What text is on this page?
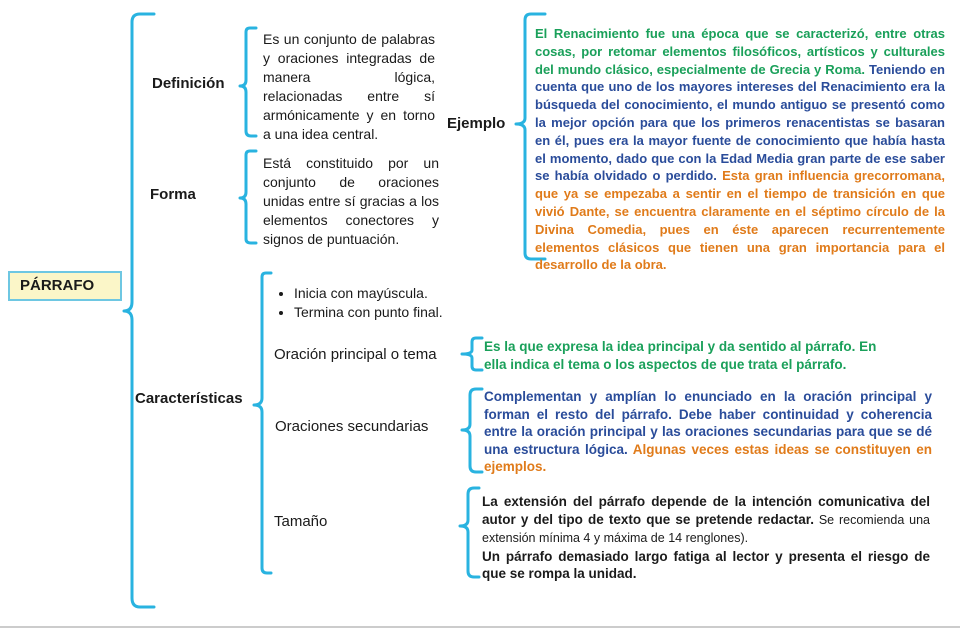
PÁRRAFO
Definición
Es un conjunto de palabras y oraciones integradas de manera lógica, relacionadas entre sí armónicamente y en torno a una idea central.
Forma
Está constituido por un conjunto de oraciones unidas entre sí gracias a los elementos conectores y signos de puntuación.
Ejemplo
El Renacimiento fue una época que se caracterizó, entre otras cosas, por retomar elementos filosóficos, artísticos y culturales del mundo clásico, especialmente de Grecia y Roma. Teniendo en cuenta que uno de los mayores intereses del Renacimiento era la búsqueda del conocimiento, el mundo antiguo se presentó como la mejor opción para que los primeros renacentistas se basaran en él, pues era la mayor fuente de conocimiento que había hasta el momento, dado que con la Edad Media gran parte de ese saber se había olvidado o perdido. Esta gran influencia grecorromana, que ya se empezaba a sentir en el tiempo de transición en que vivió Dante, se encuentra claramente en el séptimo círculo de la Divina Comedia, pues en éste aparecen recurrentemente elementos clásicos que tienen una gran importancia para el desarrollo de la obra.
Características
• Inicia con mayúscula.
• Termina con punto final.
Oración principal o tema	Es la que expresa la idea principal y da sentido al párrafo. En ella indica el tema o los aspectos de que trata el párrafo.
Oraciones secundarias
Complementan y amplían lo enunciado en la oración principal y forman el resto del párrafo. Debe haber continuidad y coherencia entre la oración principal y las oraciones secundarias para que se dé una estructura lógica. Algunas veces estas ideas se constituyen en ejemplos.
Tamaño
La extensión del párrafo depende de la intención comunicativa del autor y del tipo de texto que se pretende redactar. Se recomienda una extensión mínima 4 y máxima de 14 renglones).
Un párrafo demasiado largo fatiga al lector y presenta el riesgo de que se rompa la unidad.
